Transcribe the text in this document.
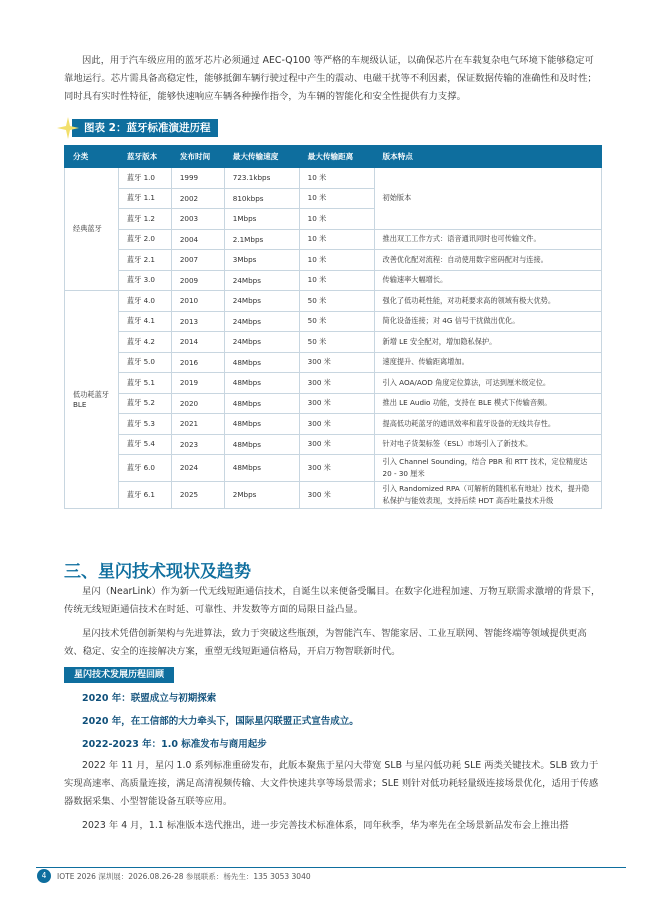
因此，用于汽车级应用的蓝牙芯片必须通过 AEC-Q100 等严格的车规级认证，以确保芯片在车载复杂电气环境下能够稳定可靠地运行。芯片需具备高稳定性，能够抵御车辆行驶过程中产生的震动、电磁干扰等不利因素，保证数据传输的准确性和及时性；同时具有实时性特征，能够快速响应车辆各种操作指令，为车辆的智能化和安全性提供有力支撑。

图表 2：蓝牙标准演进历程
分类	蓝牙版本	发布时间	最大传输速度	最大传输距离	版本特点
经典蓝牙	蓝牙 1.0	1999	723.1kbps	10 米	初始版本
	蓝牙 1.1	2002	810kbps	10 米	
	蓝牙 1.2	2003	1Mbps	10 米	
	蓝牙 2.0	2004	2.1Mbps	10 米	推出双工工作方式：语音通讯同时也可传输文件。
	蓝牙 2.1	2007	3Mbps	10 米	改善优化配对流程：自动使用数字密码配对与连接。
	蓝牙 3.0	2009	24Mbps	10 米	传输速率大幅增长。
低功耗蓝牙 BLE	蓝牙 4.0	2010	24Mbps	50 米	强化了低功耗性能，对功耗要求高的领域有极大优势。
	蓝牙 4.1	2013	24Mbps	50 米	简化设备连接；对 4G 信号干扰做出优化。
	蓝牙 4.2	2014	24Mbps	50 米	新增 LE 安全配对，增加隐私保护。
	蓝牙 5.0	2016	48Mbps	300 米	速度提升、传输距离增加。
	蓝牙 5.1	2019	48Mbps	300 米	引入 AOA/AOD 角度定位算法，可达到厘米级定位。
	蓝牙 5.2	2020	48Mbps	300 米	推出 LE Audio 功能，支持在 BLE 模式下传输音频。
	蓝牙 5.3	2021	48Mbps	300 米	提高低功耗蓝牙的通讯效率和蓝牙设备的无线共存性。
	蓝牙 5.4	2023	48Mbps	300 米	针对电子货架标签（ESL）市场引入了新技术。
	蓝牙 6.0	2024	48Mbps	300 米	引入 Channel Sounding，结合 PBR 和 RTT 技术，定位精度达 20 - 30 厘米
	蓝牙 6.1	2025	2Mbps	300 米	引入 Randomized RPA（可解析的随机私有地址）技术，提升隐私保护与能效表现，支持后续 HDT 高吞吐量技术升级
三、星闪技术现状及趋势

星闪（NearLink）作为新一代无线短距通信技术，自诞生以来便备受瞩目。在数字化进程加速、万物互联需求激增的背景下，传统无线短距通信技术在时延、可靠性、并发数等方面的局限日益凸显。

星闪技术凭借创新架构与先进算法，致力于突破这些瓶颈，为智能汽车、智能家居、工业互联网、智能终端等领域提供更高效、稳定、安全的连接解决方案，重塑无线短距通信格局，开启万物智联新时代。

星闪技术发展历程回顾
2020 年：联盟成立与初期探索
2020 年，在工信部的大力牵头下，国际星闪联盟正式宣告成立。
2022-2023 年：1.0 标准发布与商用起步

2022 年 11 月，星闪 1.0 系列标准重磅发布，此版本聚焦于星闪大带宽 SLB 与星闪低功耗 SLE 两类关键技术。SLB 致力于实现高速率、高质量连接，满足高清视频传输、大文件快速共享等场景需求；SLE 则针对低功耗轻量级连接场景优化，适用于传感器数据采集、小型智能设备互联等应用。

2023 年 4 月，1.1 标准版本迭代推出，进一步完善技术标准体系，同年秋季，华为率先在全场景新品发布会上推出搭

4	IOTE 2026 深圳展：2026.08.26-28 参展联系：杨先生：135 3053 3040
